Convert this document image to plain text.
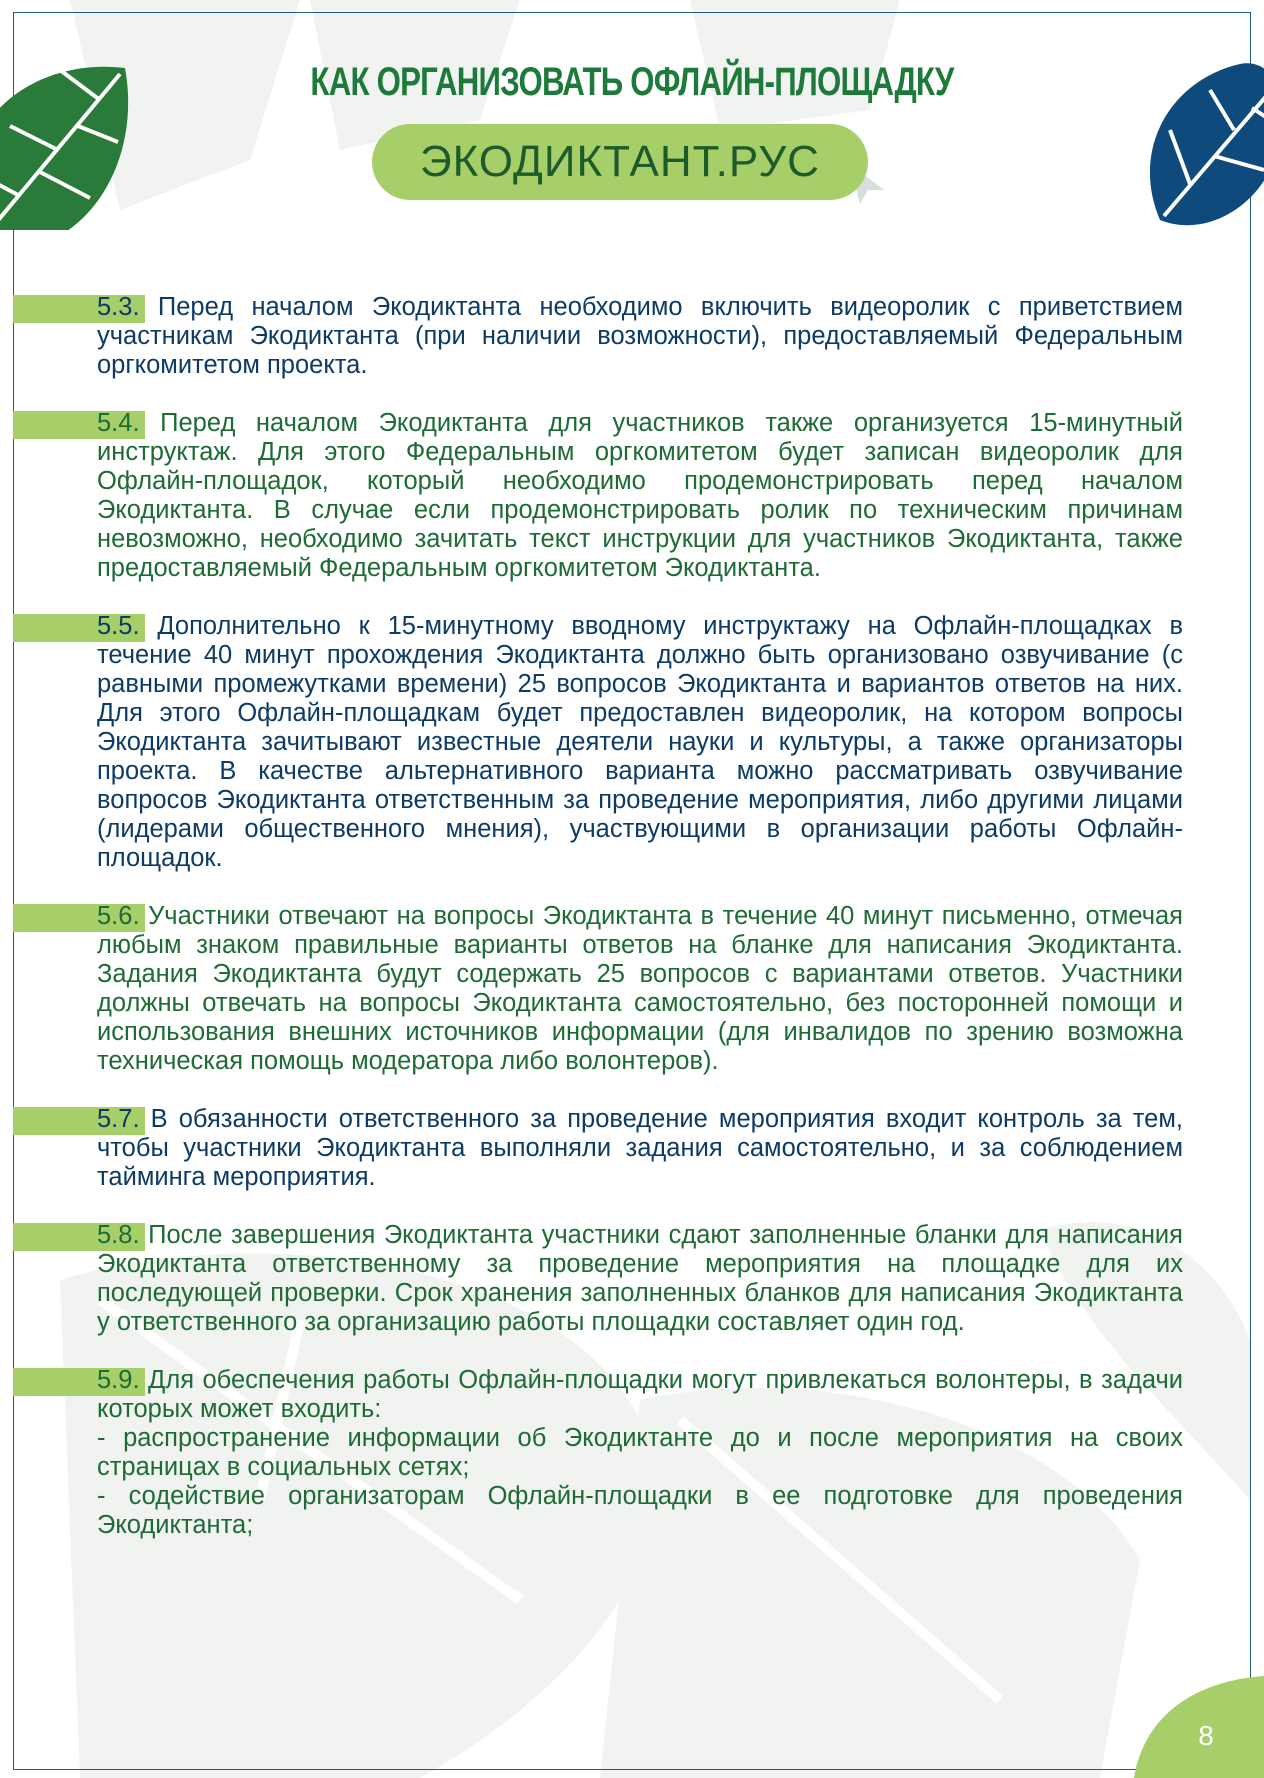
КАК ОРГАНИЗОВАТЬ ОФЛАЙН-ПЛОЩАДКУ
ЭКОДИКТАНТ.РУС
5.3. Перед началом Экодиктанта необходимо включить видеоролик с приветствием участникам Экодиктанта (при наличии возможности), предоставляемый Федеральным оргкомитетом проекта.
5.4. Перед началом Экодиктанта для участников также организуется 15-минутный инструктаж. Для этого Федеральным оргкомитетом будет записан видеоролик для Офлайн-площадок, который необходимо продемонстрировать перед началом Экодиктанта. В случае если продемонстрировать ролик по техническим причинам невозможно, необходимо зачитать текст инструкции для участников Экодиктанта, также предоставляемый Федеральным оргкомитетом Экодиктанта.
5.5. Дополнительно к 15-минутному вводному инструктажу на Офлайн-площадках в течение 40 минут прохождения Экодиктанта должно быть организовано озвучивание (с равными промежутками времени) 25 вопросов Экодиктанта и вариантов ответов на них. Для этого Офлайн-площадкам будет предоставлен видеоролик, на котором вопросы Экодиктанта зачитывают известные деятели науки и культуры, а также организаторы проекта. В качестве альтернативного варианта можно рассматривать озвучивание вопросов Экодиктанта ответственным за проведение мероприятия, либо другими лицами (лидерами общественного мнения), участвующими в организации работы Офлайн-площадок.
5.6. Участники отвечают на вопросы Экодиктанта в течение 40 минут письменно, отмечая любым знаком правильные варианты ответов на бланке для написания Экодиктанта. Задания Экодиктанта будут содержать 25 вопросов с вариантами ответов. Участники должны отвечать на вопросы Экодиктанта самостоятельно, без посторонней помощи и использования внешних источников информации (для инвалидов по зрению возможна техническая помощь модератора либо волонтеров).
5.7. В обязанности ответственного за проведение мероприятия входит контроль за тем, чтобы участники Экодиктанта выполняли задания самостоятельно, и за соблюдением тайминга мероприятия.
5.8. После завершения Экодиктанта участники сдают заполненные бланки для написания Экодиктанта ответственному за проведение мероприятия на площадке для их последующей проверки. Срок хранения заполненных бланков для написания Экодиктанта у ответственного за организацию работы площадки составляет один год.
5.9. Для обеспечения работы Офлайн-площадки могут привлекаться волонтеры, в задачи которых может входить:
- распространение информации об Экодиктанте до и после мероприятия на своих страницах в социальных сетях;
- содействие организаторам Офлайн-площадки в ее подготовке для проведения Экодиктанта;
8
